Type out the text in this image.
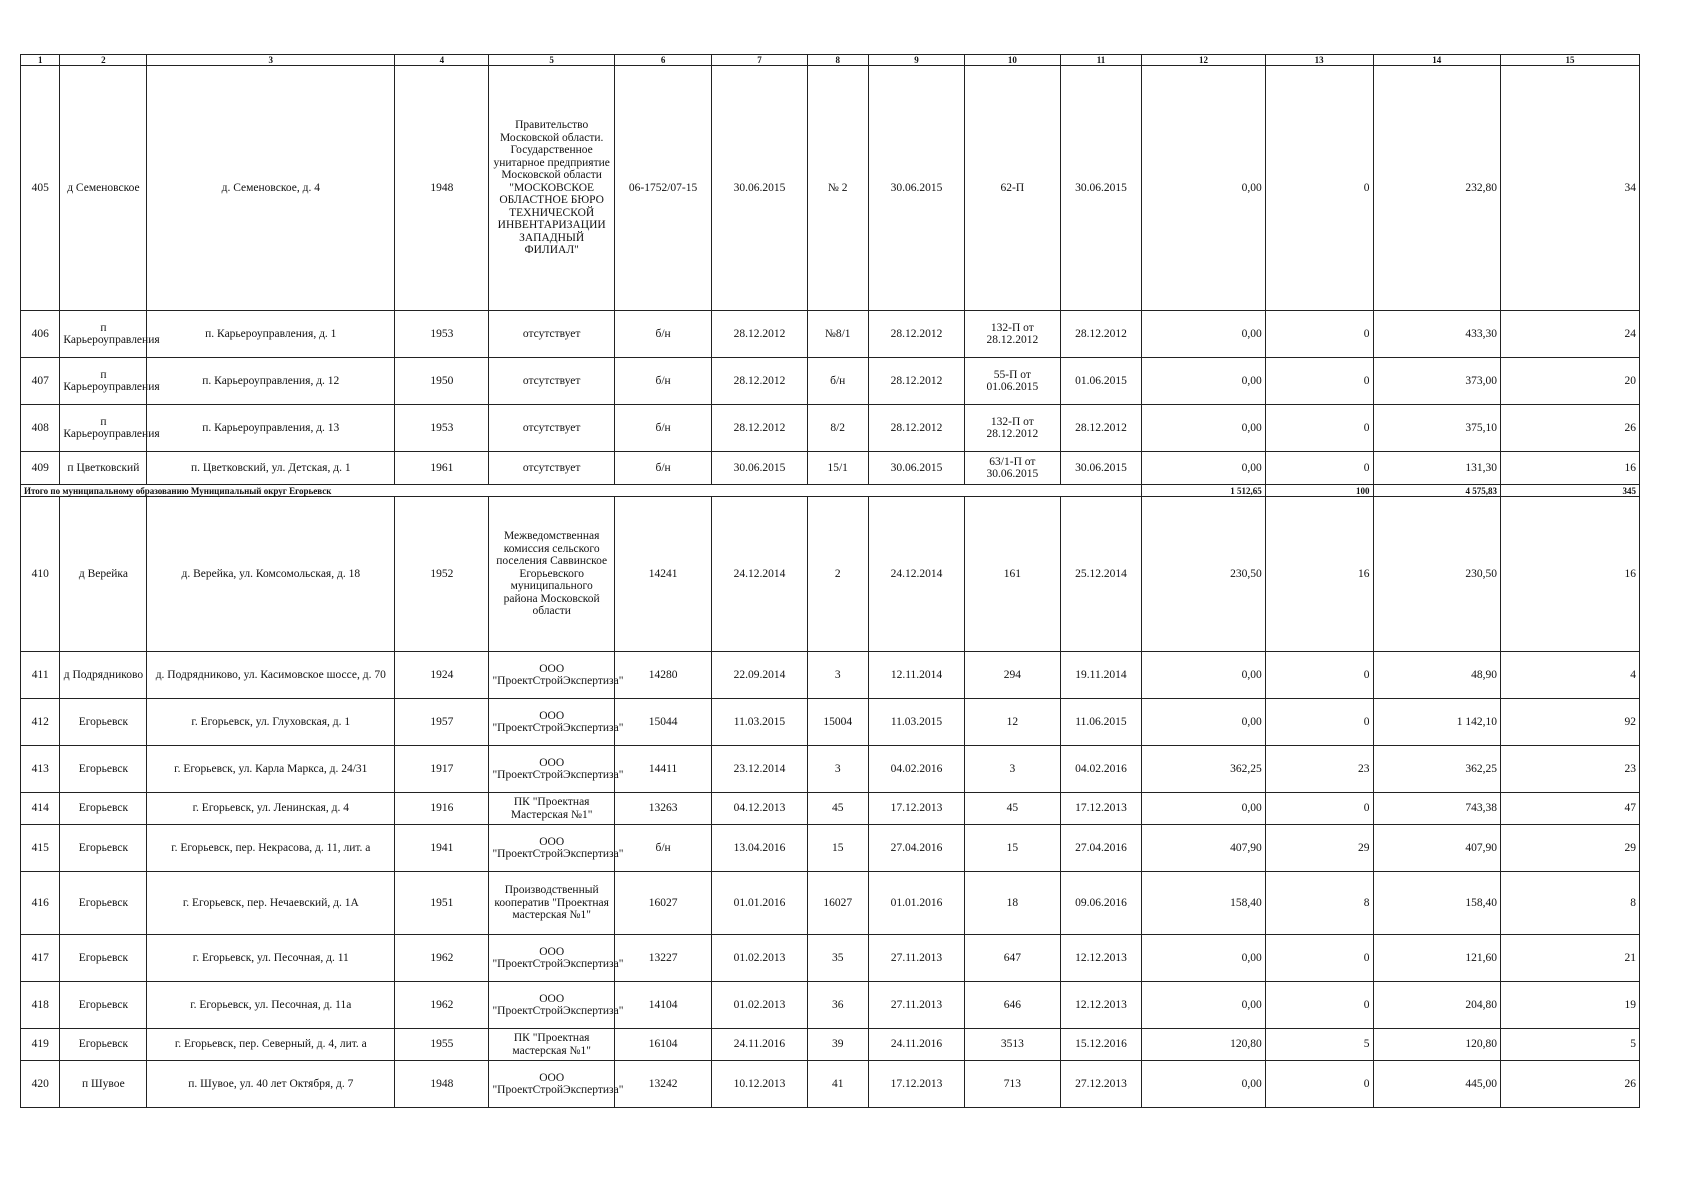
1	2	3	4	5	6	7	8	9	10	11	12	13	14	15
405	д Семеновское	д. Семеновское, д. 4	1948	Правительство Московской области. Государственное унитарное предприятие Московской области "МОСКОВСКОЕ ОБЛАСТНОЕ БЮРО ТЕХНИЧЕСКОЙ ИНВЕНТАРИЗАЦИИ ЗАПАДНЫЙ ФИЛИАЛ"	06-1752/07-15	30.06.2015	№ 2	30.06.2015	62-П	30.06.2015	0,00	0	232,80	34
406	п Карьероуправления	п. Карьероуправления, д. 1	1953	отсутствует	б/н	28.12.2012	№8/1	28.12.2012	132-П от 28.12.2012	28.12.2012	0,00	0	433,30	24
407	п Карьероуправления	п. Карьероуправления, д. 12	1950	отсутствует	б/н	28.12.2012	б/н	28.12.2012	55-П от 01.06.2015	01.06.2015	0,00	0	373,00	20
408	п Карьероуправления	п. Карьероуправления, д. 13	1953	отсутствует	б/н	28.12.2012	8/2	28.12.2012	132-П от 28.12.2012	28.12.2012	0,00	0	375,10	26
409	п Цветковский	п. Цветковский, ул. Детская, д. 1	1961	отсутствует	б/н	30.06.2015	15/1	30.06.2015	63/1-П от 30.06.2015	30.06.2015	0,00	0	131,30	16
Итого по муниципальному образованию Муниципальный округ Егорьевск											1 512,65	100	4 575,83	345
410	д Верейка	д. Верейка, ул. Комсомольская, д. 18	1952	Межведомственная комиссия сельского поселения Саввинское Егорьевского муниципального района Московской области	14241	24.12.2014	2	24.12.2014	161	25.12.2014	230,50	16	230,50	16
411	д Подрядниково	д. Подрядниково, ул. Касимовское шоссе, д. 70	1924	ООО "ПроектСтройЭкспертиза"	14280	22.09.2014	3	12.11.2014	294	19.11.2014	0,00	0	48,90	4
412	Егорьевск	г. Егорьевск, ул. Глуховская, д. 1	1957	ООО "ПроектСтройЭкспертиза"	15044	11.03.2015	15004	11.03.2015	12	11.06.2015	0,00	0	1 142,10	92
413	Егорьевск	г. Егорьевск, ул. Карла Маркса, д. 24/31	1917	ООО "ПроектСтройЭкспертиза"	14411	23.12.2014	3	04.02.2016	3	04.02.2016	362,25	23	362,25	23
414	Егорьевск	г. Егорьевск, ул. Ленинская, д. 4	1916	ПК "Проектная Мастерская №1"	13263	04.12.2013	45	17.12.2013	45	17.12.2013	0,00	0	743,38	47
415	Егорьевск	г. Егорьевск, пер. Некрасова, д. 11, лит. а	1941	ООО "ПроектСтройЭкспертиза"	б/н	13.04.2016	15	27.04.2016	15	27.04.2016	407,90	29	407,90	29
416	Егорьевск	г. Егорьевск, пер. Нечаевский, д. 1А	1951	Производственный кооператив "Проектная мастерская №1"	16027	01.01.2016	16027	01.01.2016	18	09.06.2016	158,40	8	158,40	8
417	Егорьевск	г. Егорьевск, ул. Песочная, д. 11	1962	ООО "ПроектСтройЭкспертиза"	13227	01.02.2013	35	27.11.2013	647	12.12.2013	0,00	0	121,60	21
418	Егорьевск	г. Егорьевск, ул. Песочная, д. 11а	1962	ООО "ПроектСтройЭкспертиза"	14104	01.02.2013	36	27.11.2013	646	12.12.2013	0,00	0	204,80	19
419	Егорьевск	г. Егорьевск, пер. Северный, д. 4, лит. а	1955	ПК "Проектная мастерская №1"	16104	24.11.2016	39	24.11.2016	3513	15.12.2016	120,80	5	120,80	5
420	п Шувое	п. Шувое, ул. 40 лет Октября, д. 7	1948	ООО "ПроектСтройЭкспертиза"	13242	10.12.2013	41	17.12.2013	713	27.12.2013	0,00	0	445,00	26
